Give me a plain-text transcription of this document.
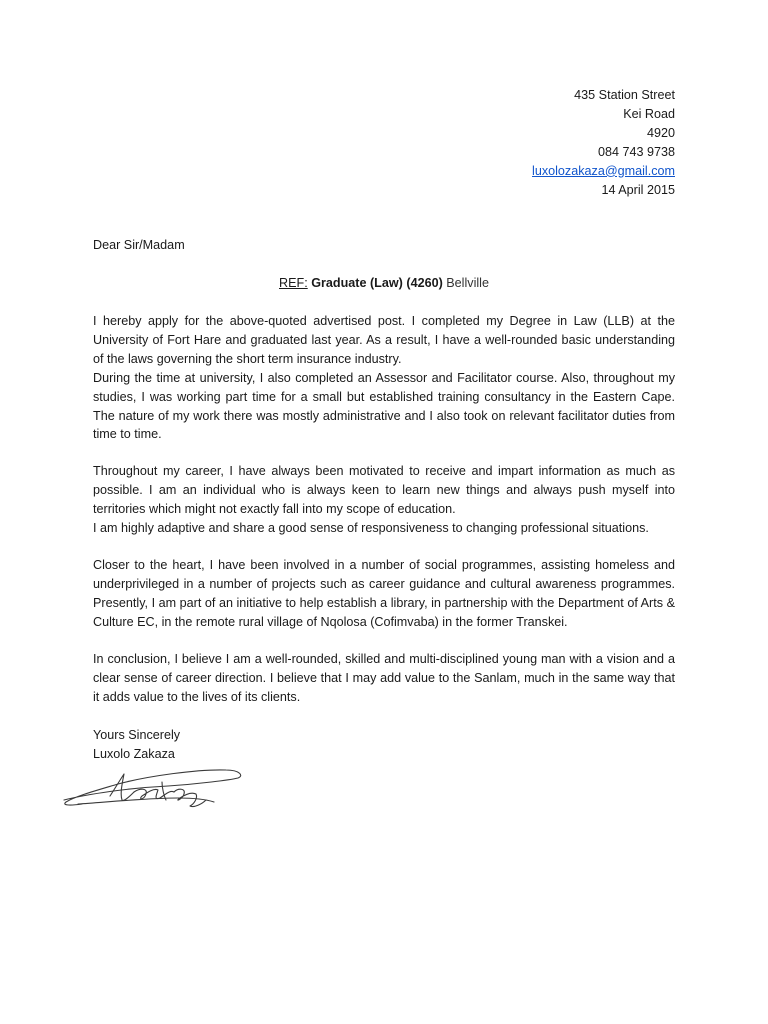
435 Station Street
Kei Road
4920
084 743 9738
luxolozakaza@gmail.com
14 April 2015
Dear Sir/Madam
REF: Graduate (Law) (4260) Bellville
I hereby apply for the above-quoted advertised post. I completed my Degree in Law (LLB) at the University of Fort Hare and graduated last year. As a result, I have a well-rounded basic understanding of the laws governing the short term insurance industry.
During the time at university, I also completed an Assessor and Facilitator course. Also, throughout my studies, I was working part time for a small but established training consultancy in the Eastern Cape. The nature of my work there was mostly administrative and I also took on relevant facilitator duties from time to time.
Throughout my career, I have always been motivated to receive and impart information as much as possible. I am an individual who is always keen to learn new things and always push myself into territories which might not exactly fall into my scope of education.
I am highly adaptive and share a good sense of responsiveness to changing professional situations.
Closer to the heart, I have been involved in a number of social programmes, assisting homeless and underprivileged in a number of projects such as career guidance and cultural awareness programmes. Presently, I am part of an initiative to help establish a library, in partnership with the Department of Arts & Culture EC, in the remote rural village of Nqolosa (Cofimvaba) in the former Transkei.
In conclusion, I believe I am a well-rounded, skilled and multi-disciplined young man with a vision and a clear sense of career direction. I believe that I may add value to the Sanlam, much in the same way that it adds value to the lives of its clients.
Yours Sincerely
Luxolo Zakaza
